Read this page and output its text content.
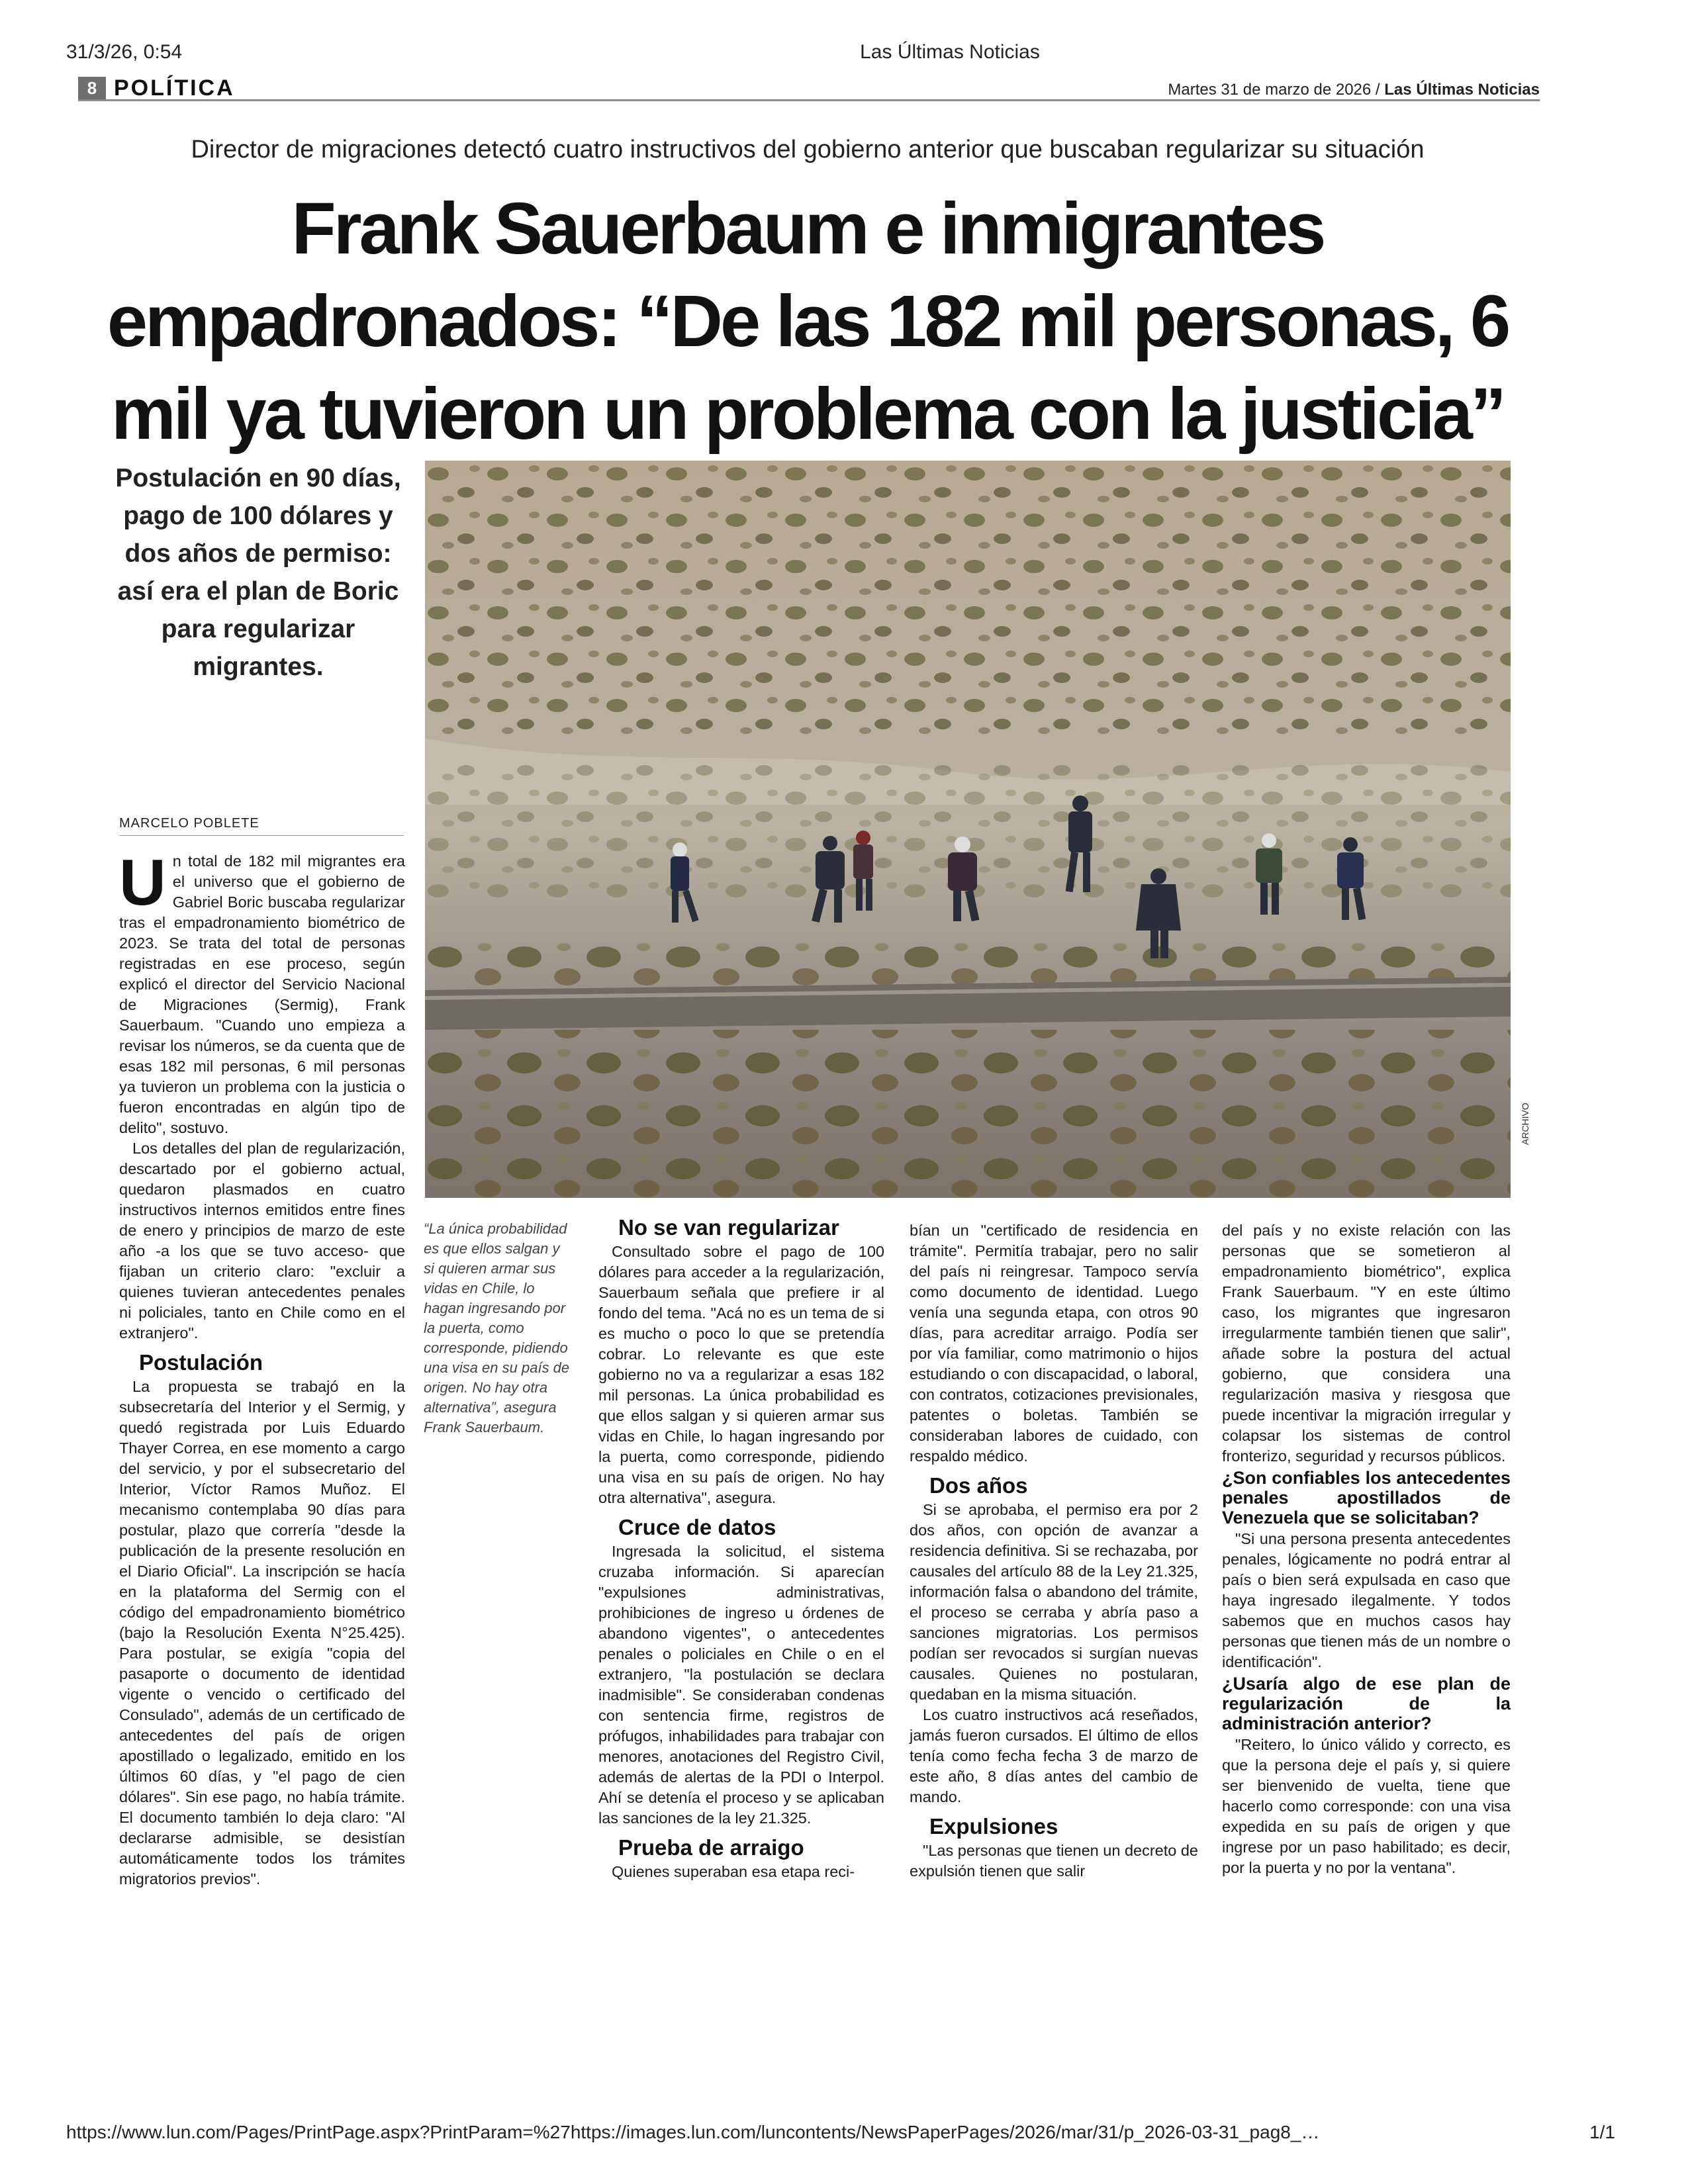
31/3/26, 0:54	Las Últimas Noticias
8 POLÍTICA	Martes 31 de marzo de 2026 / Las Últimas Noticias
Director de migraciones detectó cuatro instructivos del gobierno anterior que buscaban regularizar su situación
Frank Sauerbaum e inmigrantes empadronados: “De las 182 mil personas, 6 mil ya tuvieron un problema con la justicia”
Postulación en 90 días, pago de 100 dólares y dos años de permiso: así era el plan de Boric para regularizar migrantes.
ARCHIVO
MARCELO POBLETE
U n total de 182 mil migrantes era el universo que el gobierno de Gabriel Boric buscaba regularizar tras el empadronamiento biométrico de 2023. Se trata del total de personas registradas en ese proceso, según explicó el director del Servicio Nacional de Migraciones (Sermig), Frank Sauerbaum. "Cuando uno empieza a revisar los números, se da cuenta que de esas 182 mil personas, 6 mil personas ya tuvieron un problema con la justicia o fueron encontradas en algún tipo de delito", sostuvo.

Los detalles del plan de regularización, descartado por el gobierno actual, quedaron plasmados en cuatro instructivos internos emitidos entre fines de enero y principios de marzo de este año -a los que se tuvo acceso- que fijaban un criterio claro: "excluir a quienes tuvieran antecedentes penales ni policiales, tanto en Chile como en el extranjero".

Postulación

La propuesta se trabajó en la subsecretaría del Interior y el Sermig, y quedó registrada por Luis Eduardo Thayer Correa, en ese momento a cargo del servicio, y por el subsecretario del Interior, Víctor Ramos Muñoz. El mecanismo contemplaba 90 días para postular, plazo que correría "desde la publicación de la presente resolución en el Diario Oficial". La inscripción se hacía en la plataforma del Sermig con el código del empadronamiento biométrico (bajo la Resolución Exenta N°25.425). Para postular, se exigía "copia del pasaporte o documento de identidad vigente o vencido o certificado del Consulado", además de un certificado de antecedentes del país de origen apostillado o legalizado, emitido en los últimos 60 días, y "el pago de cien dólares". Sin ese pago, no había trámite. El documento también lo deja claro: "Al declararse admisible, se desistían automáticamente todos los trámites migratorios previos".

“La única probabilidad es que ellos salgan y si quieren armar sus vidas en Chile, lo hagan ingresando por la puerta, como corresponde, pidiendo una visa en su país de origen. No hay otra alternativa”, asegura Frank Sauerbaum.
No se van regularizar

Consultado sobre el pago de 100 dólares para acceder a la regularización, Sauerbaum señala que prefiere ir al fondo del tema. "Acá no es un tema de si es mucho o poco lo que se pretendía cobrar. Lo relevante es que este gobierno no va a regularizar a esas 182 mil personas. La única probabilidad es que ellos salgan y si quieren armar sus vidas en Chile, lo hagan ingresando por la puerta, como corresponde, pidiendo una visa en su país de origen. No hay otra alternativa", asegura.

Cruce de datos

Ingresada la solicitud, el sistema cruzaba información. Si aparecían "expulsiones administrativas, prohibiciones de ingreso u órdenes de abandono vigentes", o antecedentes penales o policiales en Chile o en el extranjero, "la postulación se declara inadmisible". Se consideraban condenas con sentencia firme, registros de prófugos, inhabilidades para trabajar con menores, anotaciones del Registro Civil, además de alertas de la PDI o Interpol. Ahí se detenía el proceso y se aplicaban las sanciones de la ley 21.325.

Prueba de arraigo

Quienes superaban esa etapa reci-

bían un "certificado de residencia en trámite". Permitía trabajar, pero no salir del país ni reingresar. Tampoco servía como documento de identidad. Luego venía una segunda etapa, con otros 90 días, para acreditar arraigo. Podía ser por vía familiar, como matrimonio o hijos estudiando o con discapacidad, o laboral, con contratos, cotizaciones previsionales, patentes o boletas. También se consideraban labores de cuidado, con respaldo médico.

Dos años

Si se aprobaba, el permiso era por 2 dos años, con opción de avanzar a residencia definitiva. Si se rechazaba, por causales del artículo 88 de la Ley 21.325, información falsa o abandono del trámite, el proceso se cerraba y abría paso a sanciones migratorias. Los permisos podían ser revocados si surgían nuevas causales. Quienes no postularan, quedaban en la misma situación.

Los cuatro instructivos acá reseñados, jamás fueron cursados. El último de ellos tenía como fecha fecha 3 de marzo de este año, 8 días antes del cambio de mando.

Expulsiones

"Las personas que tienen un decreto de expulsión tienen que salir

del país y no existe relación con las personas que se sometieron al empadronamiento biométrico", explica Frank Sauerbaum. "Y en este último caso, los migrantes que ingresaron irregularmente también tienen que salir", añade sobre la postura del actual gobierno, que considera una regularización masiva y riesgosa que puede incentivar la migración irregular y colapsar los sistemas de control fronterizo, seguridad y recursos públicos.

¿Son confiables los antecedentes penales apostillados de Venezuela que se solicitaban?

"Si una persona presenta antecedentes penales, lógicamente no podrá entrar al país o bien será expulsada en caso que haya ingresado ilegalmente. Y todos sabemos que en muchos casos hay personas que tienen más de un nombre o identificación".

¿Usaría algo de ese plan de regularización de la administración anterior?

"Reitero, lo único válido y correcto, es que la persona deje el país y, si quiere ser bienvenido de vuelta, tiene que hacerlo como corresponde: con una visa expedida en su país de origen y que ingrese por un paso habilitado; es decir, por la puerta y no por la ventana".

https://www.lun.com/Pages/PrintPage.aspx?PrintParam=%27https://images.lun.com/luncontents/NewsPaperPages/2026/mar/31/p_2026-03-31_pag8_…	1/1
